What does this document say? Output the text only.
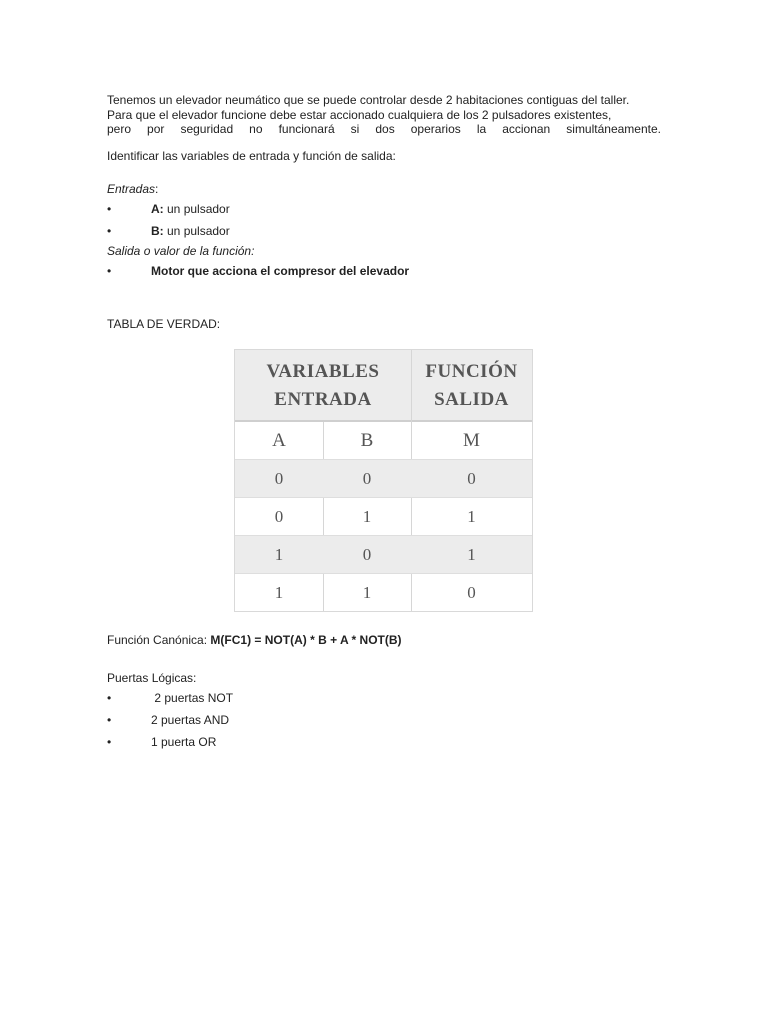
Tenemos un elevador neumático que se puede controlar desde 2 habitaciones contiguas del taller.
Para que el elevador funcione debe estar accionado cualquiera de los 2 pulsadores existentes,
pero por seguridad no funcionará si dos operarios la accionan simultáneamente.

Identificar las variables de entrada y función de salida:

Entradas:

•	A: un pulsador
•	B: un pulsador

Salida o valor de la función:

•	Motor que acciona el compresor del elevador

TABLA DE VERDAD:

VARIABLES
ENTRADA
FUNCIÓN
SALIDA
A	B	M
0	0	0
0	1	1
1	0	1
1	1	0

Función Canónica: M(FC1) = NOT(A) * B + A * NOT(B)

Puertas Lógicas:

•	2 puertas NOT
•	2 puertas AND
•	1 puerta OR
